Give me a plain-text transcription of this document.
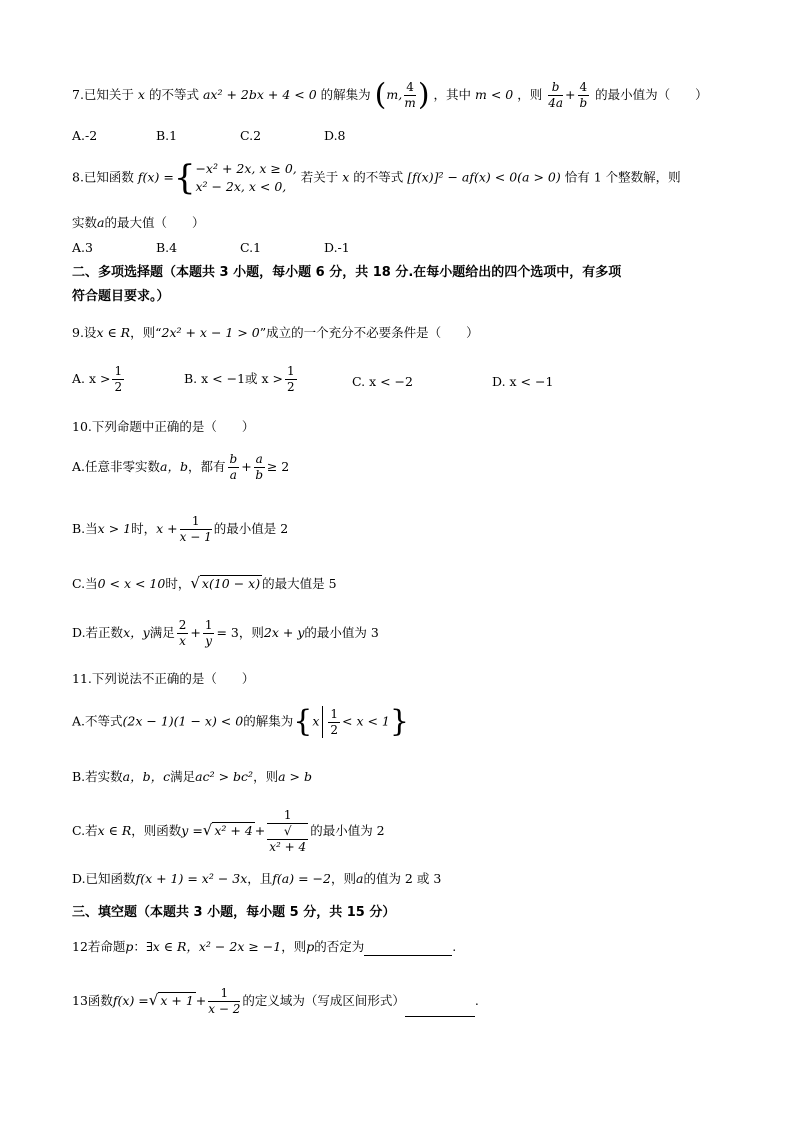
7.已知关于 x 的不等式 ax² + 2bx + 4 < 0 的解集为 (m, $\frac{4}{m}$ ) ，其中 m < 0 ，则 $\frac{b}{4a} + \frac{4}{b}$ 的最小值为（　　）
A.-2	B.1	C.2	D.8
8.已知函数 f(x) ={ −x² + 2x, x ≥ 0,
x² − 2x, x < 0,
若关于 x 的不等式 [f(x)]² − af(x) < 0(a > 0) 恰有 1 个整数解，则
实数a的最大值（　　）
A.3	B.4	C.1	D.-1
二、多项选择题（本题共 3 小题，每小题 6 分，共 18 分.在每小题给出的四个选项中，有多项
符合题目要求。）
9.设x ∈ R，则“2x² + x − 1 > 0”成立的一个充分不必要条件是（　　）
A. $x > \frac{1}{2}$	B. x < −1或 $x > \frac{1}{2}$	C. x < −2	D. x < −1
10.下列命题中正确的是（　　）
A.任意非零实数a，b，都有 $\frac{b}{a} + \frac{a}{b} \ge 2$
B.当x > 1时，$x + \frac{1}{x - 1}$ 的最小值是 2
C.当0 < x < 10时，√ x(10 − x) 的最大值是 5
D.若正数x，y满足 $\frac{2}{x} + \frac{1}{y} = 3$，则2x + y的最小值为 3
11.下列说法不正确的是（　　）
A.不等式(2x − 1)(1 − x) < 0的解集为$\{x \frac{1}{2} < x < 1\}$
B.若实数a，b，c满足ac² > bc²，则a > b
C.若x ∈ R，则函数y =√ x² + 4 + 1
√
x² + 4 的最小值为 2
D.已知函数f(x + 1) = x² − 3x，且f(a) = −2，则a的值为 2 或 3
三、填空题（本题共 3 小题，每小题 5 分，共 15 分）
12若命题p：∃x ∈ R，x² − 2x ≥ −1，则p的否定为	.
13函数f(x) =√ $x + 1 + \frac{1}{x - 2}$ 的定义域为（写成区间形式）	.
